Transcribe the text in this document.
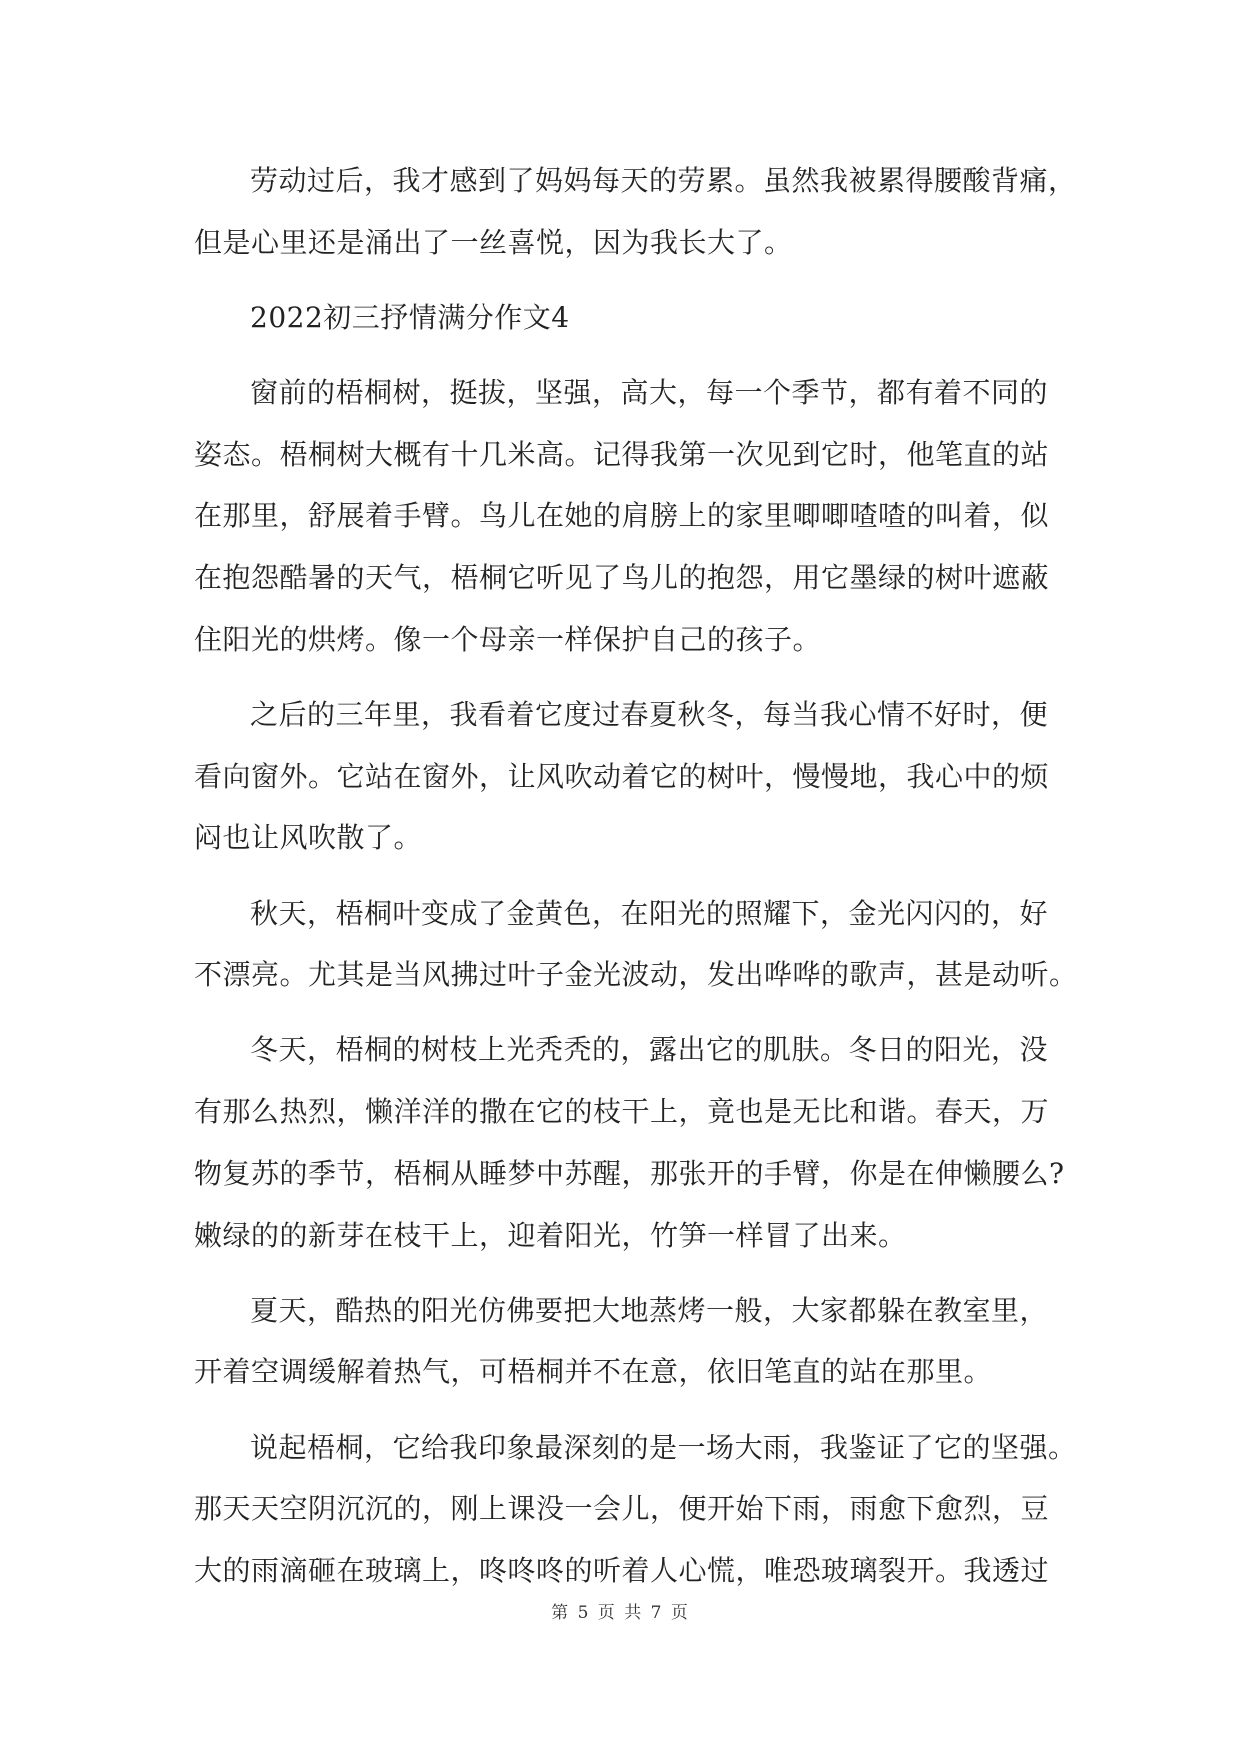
劳动过后，我才感到了妈妈每天的劳累。虽然我被累得腰酸背痛，
但是心里还是涌出了一丝喜悦，因为我长大了。
2022初三抒情满分作文4
窗前的梧桐树，挺拔，坚强，高大，每一个季节，都有着不同的
姿态。梧桐树大概有十几米高。记得我第一次见到它时，他笔直的站
在那里，舒展着手臂。鸟儿在她的肩膀上的家里唧唧喳喳的叫着，似
在抱怨酷暑的天气，梧桐它听见了鸟儿的抱怨，用它墨绿的树叶遮蔽
住阳光的烘烤。像一个母亲一样保护自己的孩子。
之后的三年里，我看着它度过春夏秋冬，每当我心情不好时，便
看向窗外。它站在窗外，让风吹动着它的树叶，慢慢地，我心中的烦
闷也让风吹散了。
秋天，梧桐叶变成了金黄色，在阳光的照耀下，金光闪闪的，好
不漂亮。尤其是当风拂过叶子金光波动，发出哗哗的歌声，甚是动听。
冬天，梧桐的树枝上光秃秃的，露出它的肌肤。冬日的阳光，没
有那么热烈，懒洋洋的撒在它的枝干上，竟也是无比和谐。春天，万
物复苏的季节，梧桐从睡梦中苏醒，那张开的手臂，你是在伸懒腰么?
嫩绿的的新芽在枝干上，迎着阳光，竹笋一样冒了出来。
夏天，酷热的阳光仿佛要把大地蒸烤一般，大家都躲在教室里，
开着空调缓解着热气，可梧桐并不在意，依旧笔直的站在那里。
说起梧桐，它给我印象最深刻的是一场大雨，我鉴证了它的坚强。
那天天空阴沉沉的，刚上课没一会儿，便开始下雨，雨愈下愈烈，豆
大的雨滴砸在玻璃上，咚咚咚的听着人心慌，唯恐玻璃裂开。我透过
第 5 页 共 7 页
